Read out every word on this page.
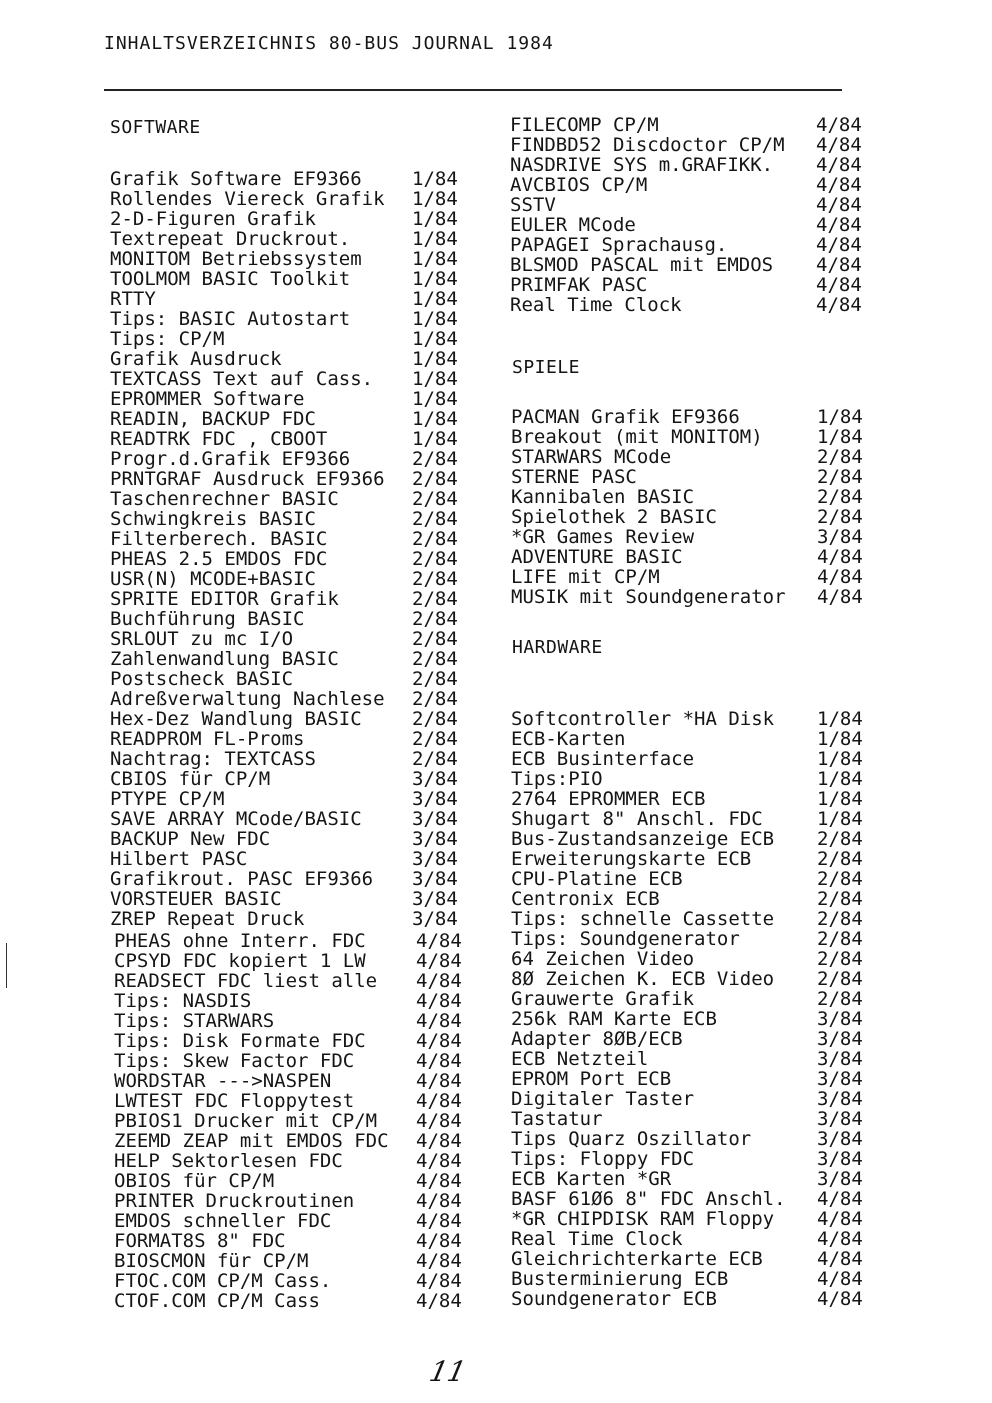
INHALTSVERZEICHNIS 80-BUS JOURNAL 1984
SOFTWARE
Grafik Software EF9366	1/84
Rollendes Viereck Grafik 1/84
2-D-Figuren Grafik	1/84
Textrepeat Druckrout.	1/84
MONITOM Betriebssystem	1/84
TOOLMOM BASIC Toolkit	1/84
RTTY	1/84
Tips: BASIC Autostart	1/84
Tips: CP/M	1/84
Grafik Ausdruck	1/84
TEXTCASS Text auf Cass. 1/84
EPROMMER Software	1/84
READIN, BACKUP FDC	1/84
READTRK FDC , CBOOT	1/84
Progr.d.Grafik EF9366	2/84
PRNTGRAF Ausdruck EF9366 2/84
Taschenrechner BASIC	2/84
Schwingkreis BASIC	2/84
Filterberech. BASIC	2/84
PHEAS 2.5 EMDOS FDC	2/84
USR(N) MCODE+BASIC	2/84
SPRITE EDITOR Grafik	2/84
Buchführung BASIC	2/84
SRLOUT zu mc I/O	2/84
Zahlenwandlung BASIC	2/84
Postscheck BASIC	2/84
Adreßverwaltung Nachlese 2/84
Hex-Dez Wandlung BASIC	2/84
READPROM FL-Proms	2/84
Nachtrag: TEXTCASS	2/84
CBIOS für CP/M	3/84
PTYPE CP/M	3/84
SAVE ARRAY MCode/BASIC	3/84
BACKUP New FDC	3/84
Hilbert PASC	3/84
Grafikrout. PASC EF9366 3/84
VORSTEUER BASIC	3/84
ZREP Repeat Druck	3/84
PHEAS ohne Interr. FDC	4/84
CPSYD FDC kopiert 1 LW	4/84
READSECT FDC liest alle 4/84
Tips: NASDIS	4/84
Tips: STARWARS	4/84
Tips: Disk Formate FDC	4/84
Tips: Skew Factor FDC	4/84
WORDSTAR --->NASPEN	4/84
LWTEST FDC Floppytest	4/84
PBIOS1 Drucker mit CP/M 4/84
ZEEMD ZEAP mit EMDOS FDC 4/84
HELP Sektorlesen FDC	4/84
OBIOS für CP/M	4/84
PRINTER Druckroutinen	4/84
EMDOS schneller FDC	4/84
FORMAT8S 8" FDC	4/84
BIOSCMON für CP/M	4/84
FTOC.COM CP/M Cass.	4/84
CTOF.COM CP/M Cass	4/84
FILECOMP CP/M	4/84
FINDBD52 Discdoctor CP/M 4/84
NASDRIVE SYS m.GRAFIKK. 4/84
AVCBIOS CP/M	4/84
SSTV	4/84
EULER MCode	4/84
PAPAGEI Sprachausg.	4/84
BLSMOD PASCAL mit EMDOS 4/84
PRIMFAK PASC	4/84
Real Time Clock	4/84
SPIELE
PACMAN Grafik EF9366	1/84
Breakout (mit MONITOM)	1/84
STARWARS MCode	2/84
STERNE PASC	2/84
Kannibalen BASIC	2/84
Spielothek 2 BASIC	2/84
*GR Games Review	3/84
ADVENTURE BASIC	4/84
LIFE mit CP/M	4/84
MUSIK mit Soundgenerator 4/84
HARDWARE
Softcontroller *HA Disk 1/84
ECB-Karten	1/84
ECB Businterface	1/84
Tips:PIO	1/84
2764 EPROMMER ECB	1/84
Shugart 8" Anschl. FDC	1/84
Bus-Zustandsanzeige ECB 2/84
Erweiterungskarte ECB	2/84
CPU-Platine ECB	2/84
Centronix ECB	2/84
Tips: schnelle Cassette 2/84
Tips: Soundgenerator	2/84
64 Zeichen Video	2/84
8Ø Zeichen K. ECB Video 2/84
Grauwerte Grafik	2/84
256k RAM Karte ECB	3/84
Adapter 8ØB/ECB	3/84
ECB Netzteil	3/84
EPROM Port ECB	3/84
Digitaler Taster	3/84
Tastatur	3/84
Tips Quarz Oszillator	3/84
Tips: Floppy FDC	3/84
ECB Karten *GR	3/84
BASF 61Ø6 8" FDC Anschl. 4/84
*GR CHIPDISK RAM Floppy 4/84
Real Time Clock	4/84
Gleichrichterkarte ECB	4/84
Busterminierung ECB	4/84
Soundgenerator ECB	4/84
11
